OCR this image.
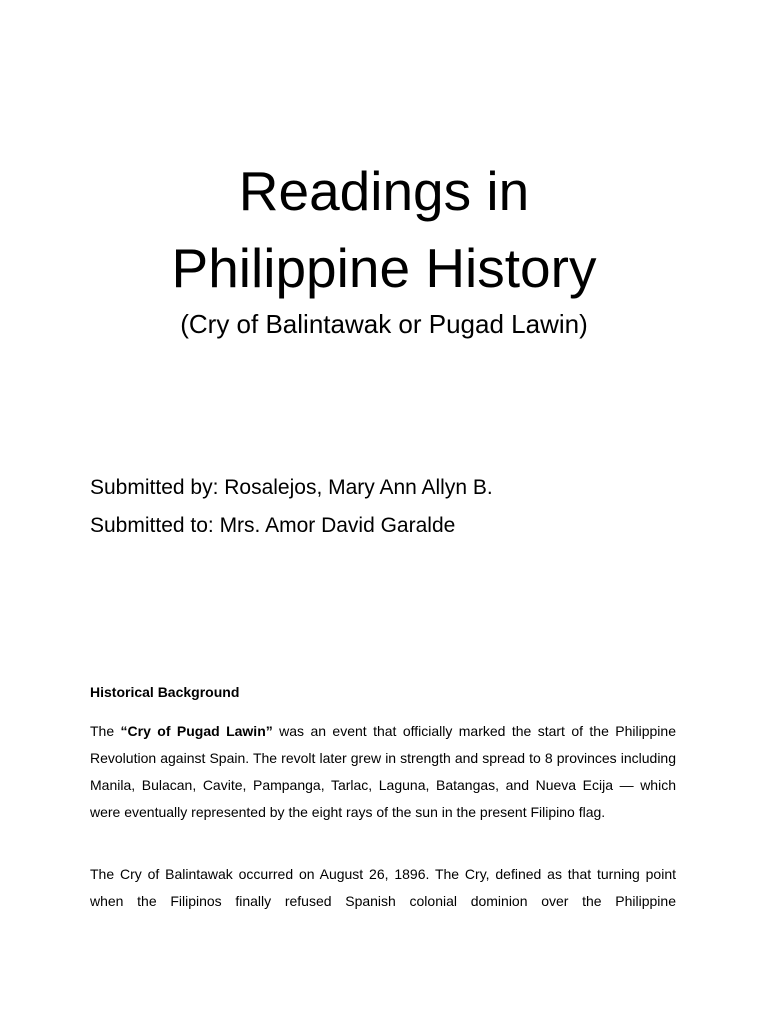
Readings in
Philippine History

(Cry of Balintawak or Pugad Lawin)

Submitted by: Rosalejos, Mary Ann Allyn B.

Submitted to: Mrs. Amor David Garalde

Historical Background

The “Cry of Pugad Lawin” was an event that officially marked the start of the Philippine Revolution against Spain. The revolt later grew in strength and spread to 8 provinces including Manila, Bulacan, Cavite, Pampanga, Tarlac, Laguna, Batangas, and Nueva Ecija — which were eventually represented by the eight rays of the sun in the present Filipino flag.

The Cry of Balintawak occurred on August 26, 1896. The Cry, defined as that turning point when the Filipinos finally refused Spanish colonial dominion over the Philippine
